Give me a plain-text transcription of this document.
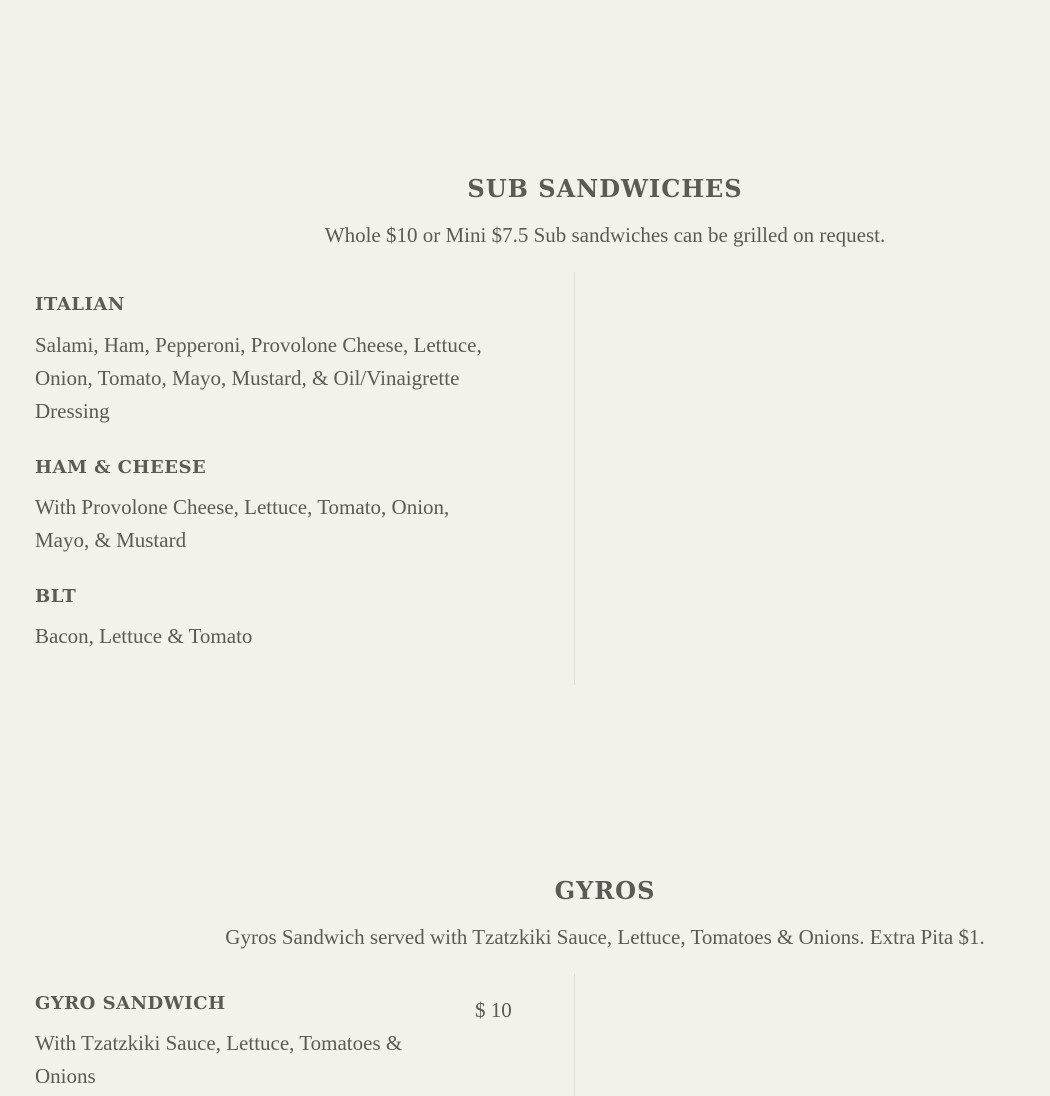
SUB SANDWICHES

Whole $10 or Mini $7.5 Sub sandwiches can be grilled on request.

ITALIAN

Salami, Ham, Pepperoni, Provolone Cheese, Lettuce, Onion, Tomato, Mayo, Mustard, & Oil/Vinaigrette Dressing

HAM & CHEESE

With Provolone Cheese, Lettuce, Tomato, Onion, Mayo, & Mustard

BLT

Bacon, Lettuce & Tomato

GYROS

Gyros Sandwich served with Tzatzkiki Sauce, Lettuce, Tomatoes & Onions. Extra Pita $1.

GYRO SANDWICH	$ 10

With Tzatzkiki Sauce, Lettuce, Tomatoes & Onions
